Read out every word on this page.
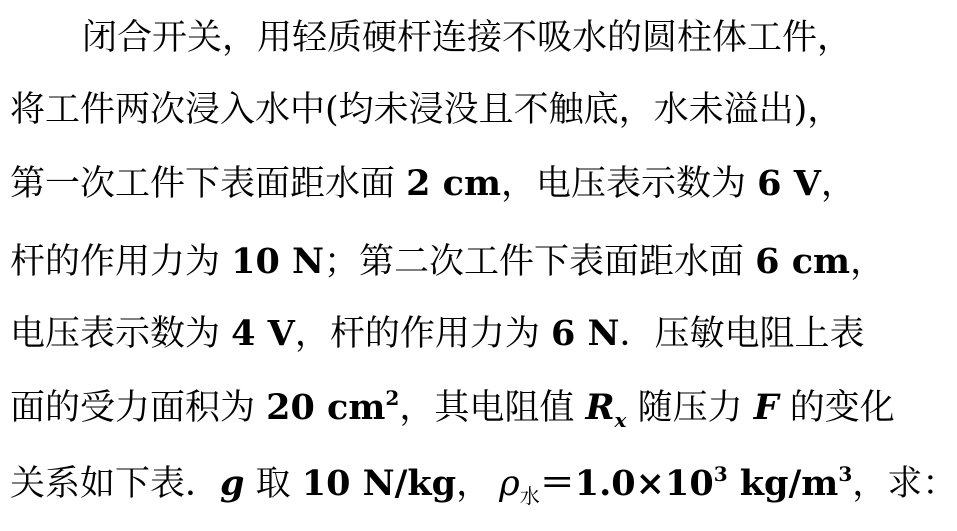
闭合开关，用轻质硬杆连接不吸水的圆柱体工件，
将工件两次浸入水中(均未浸没且不触底，水未溢出)，
第一次工件下表面距水面 2 cm，电压表示数为 6 V，
杆的作用力为 10 N；第二次工件下表面距水面 6 cm，
电压表示数为 4 V，杆的作用力为 6 N．压敏电阻上表
面的受力面积为 20 $cm^2$，其电阻值 $R_x$ 随压力 F 的变化
关系如下表．g 取 10 N/kg， $\rho_水=1.0\times 10^3$ $kg/m^3$，求：
